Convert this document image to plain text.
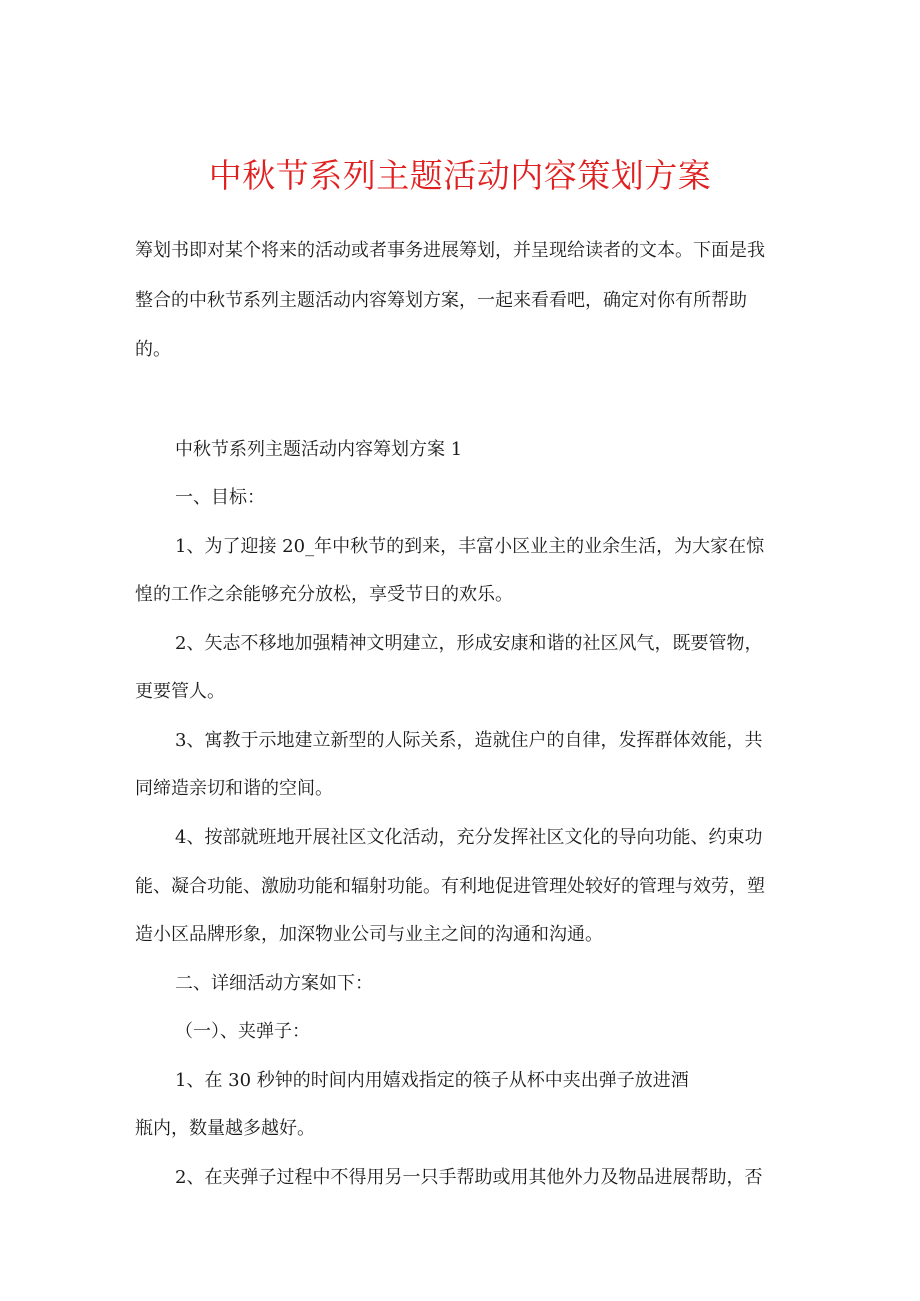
中秋节系列主题活动内容策划方案

筹划书即对某个将来的活动或者事务进展筹划，并呈现给读者的文本。下面是我

整合的中秋节系列主题活动内容筹划方案，一起来看看吧，确定对你有所帮助

的。

中秋节系列主题活动内容筹划方案 1

一、目标：

1、为了迎接 20_年中秋节的到来，丰富小区业主的业余生活，为大家在惊

惶的工作之余能够充分放松，享受节日的欢乐。

2、矢志不移地加强精神文明建立，形成安康和谐的社区风气，既要管物，

更要管人。

3、寓教于示地建立新型的人际关系，造就住户的自律，发挥群体效能，共

同缔造亲切和谐的空间。

4、按部就班地开展社区文化活动，充分发挥社区文化的导向功能、约束功

能、凝合功能、激励功能和辐射功能。有利地促进管理处较好的管理与效劳，塑

造小区品牌形象，加深物业公司与业主之间的沟通和沟通。

二、详细活动方案如下：

（一）、夹弹子：

1、在 30 秒钟的时间内用嬉戏指定的筷子从杯中夹出弹子放进酒

瓶内，数量越多越好。

2、在夹弹子过程中不得用另一只手帮助或用其他外力及物品进展帮助，否
